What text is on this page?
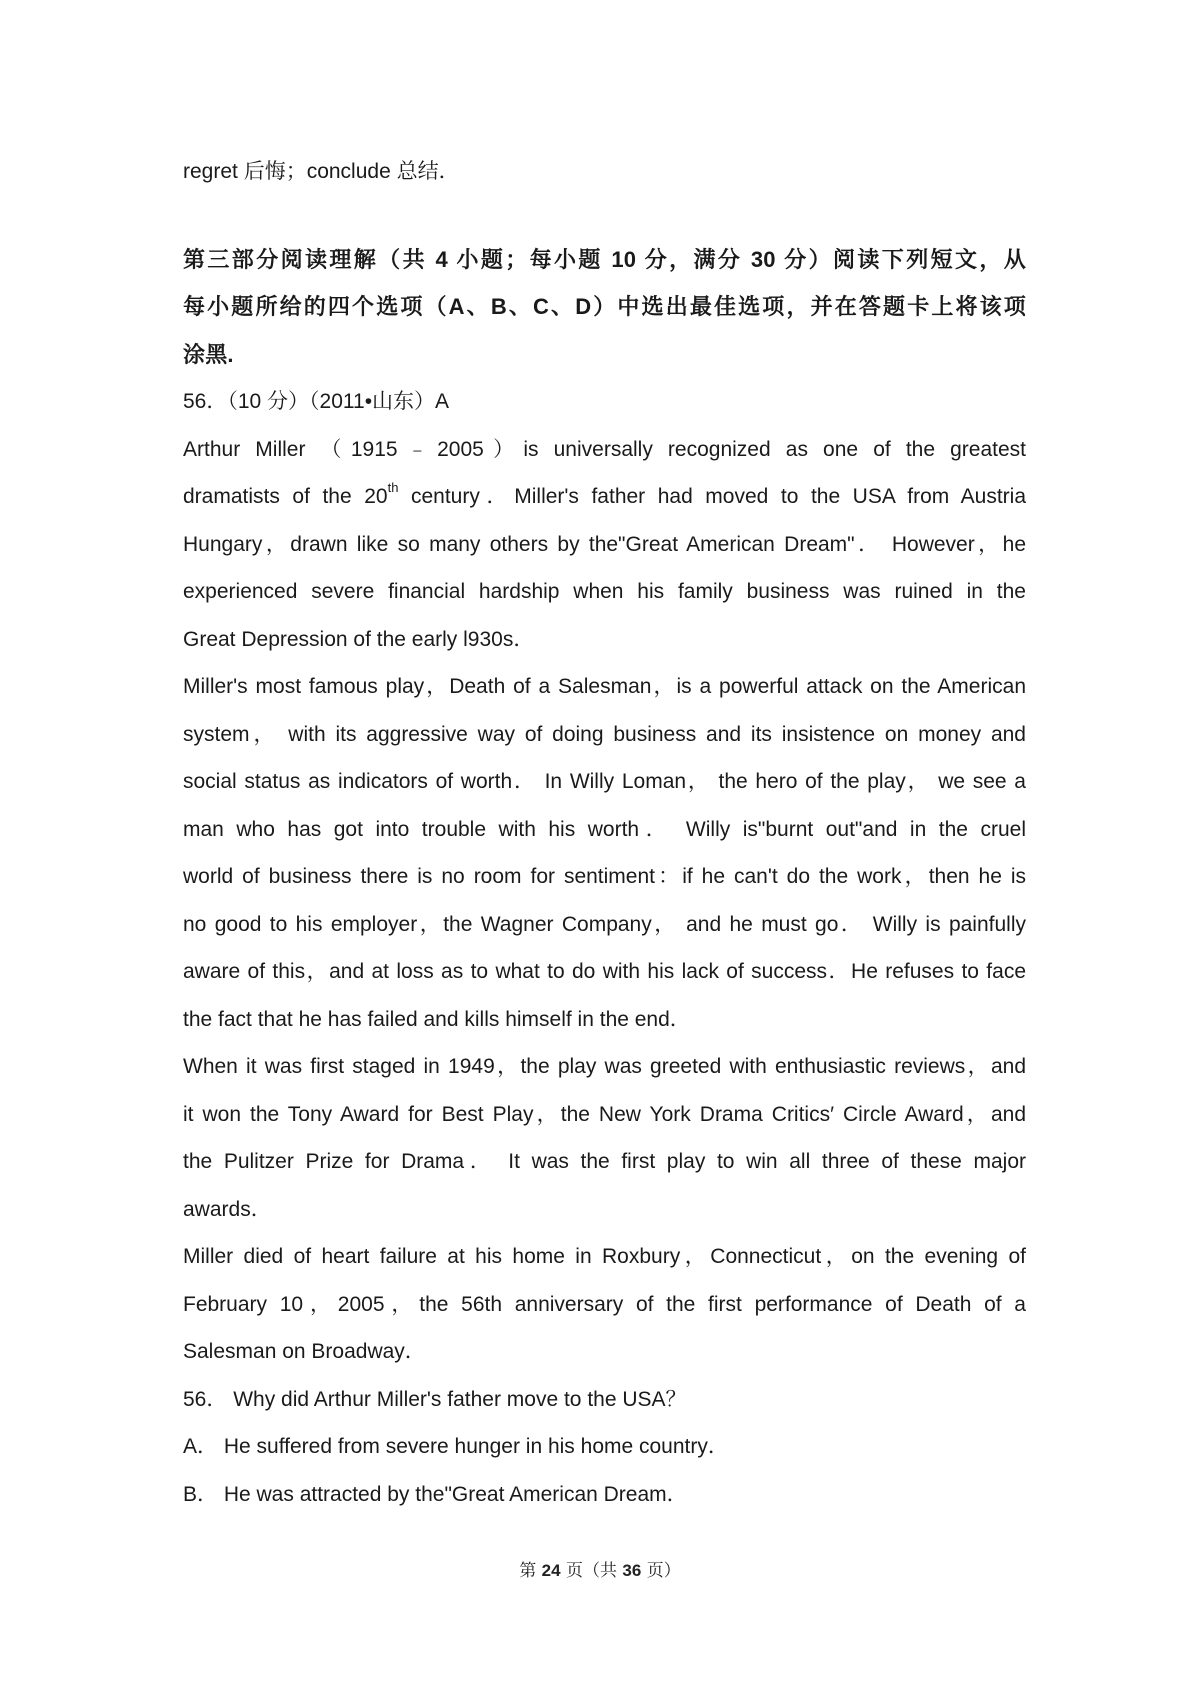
regret 后悔；conclude 总结．
第三部分阅读理解（共 4 小题；每小题 10 分，满分 30 分）阅读下列短文，从
每小题所给的四个选项（A、B、C、D）中选出最佳选项，并在答题卡上将该项
涂黑.
56．（10 分）（2011•山东）A
Arthur Miller （1915﹣2005）is universally recognized as one of the greatest
dramatists of the 20th century．Miller's father had moved to the USA from Austria
Hungary，drawn like so many others by the"Great American Dream"． However，he
experienced severe financial hardship when his family business was ruined in the
Great Depression of the early l930s．
Miller's most famous play，Death of a Salesman，is a powerful attack on the American
system， with its aggressive way of doing business and its insistence on money and
social status as indicators of worth． In Willy Loman， the hero of the play， we see a
man who has got into trouble with his worth． Willy is"burnt out"and in the cruel
world of business there is no room for sentiment：if he can't do the work，then he is
no good to his employer，the Wagner Company， and he must go． Willy is painfully
aware of this，and at loss as to what to do with his lack of success．He refuses to face
the fact that he has failed and kills himself in the end．
When it was first staged in 1949，the play was greeted with enthusiastic reviews，and
it won the Tony Award for Best Play，the New York Drama Critics′ Circle Award，and
the Pulitzer Prize for Drama． It was the first play to win all three of these major
awards．
Miller died of heart failure at his home in Roxbury，Connecticut，on the evening of
February 10，2005，the 56th anniversary of the first performance of Death of a
Salesman on Broadway．
56． Why did Arthur Miller's father move to the USA？
A． He suffered from severe hunger in his home country．
B． He was attracted by the"Great American Dream．
第 24 页（共 36 页）
